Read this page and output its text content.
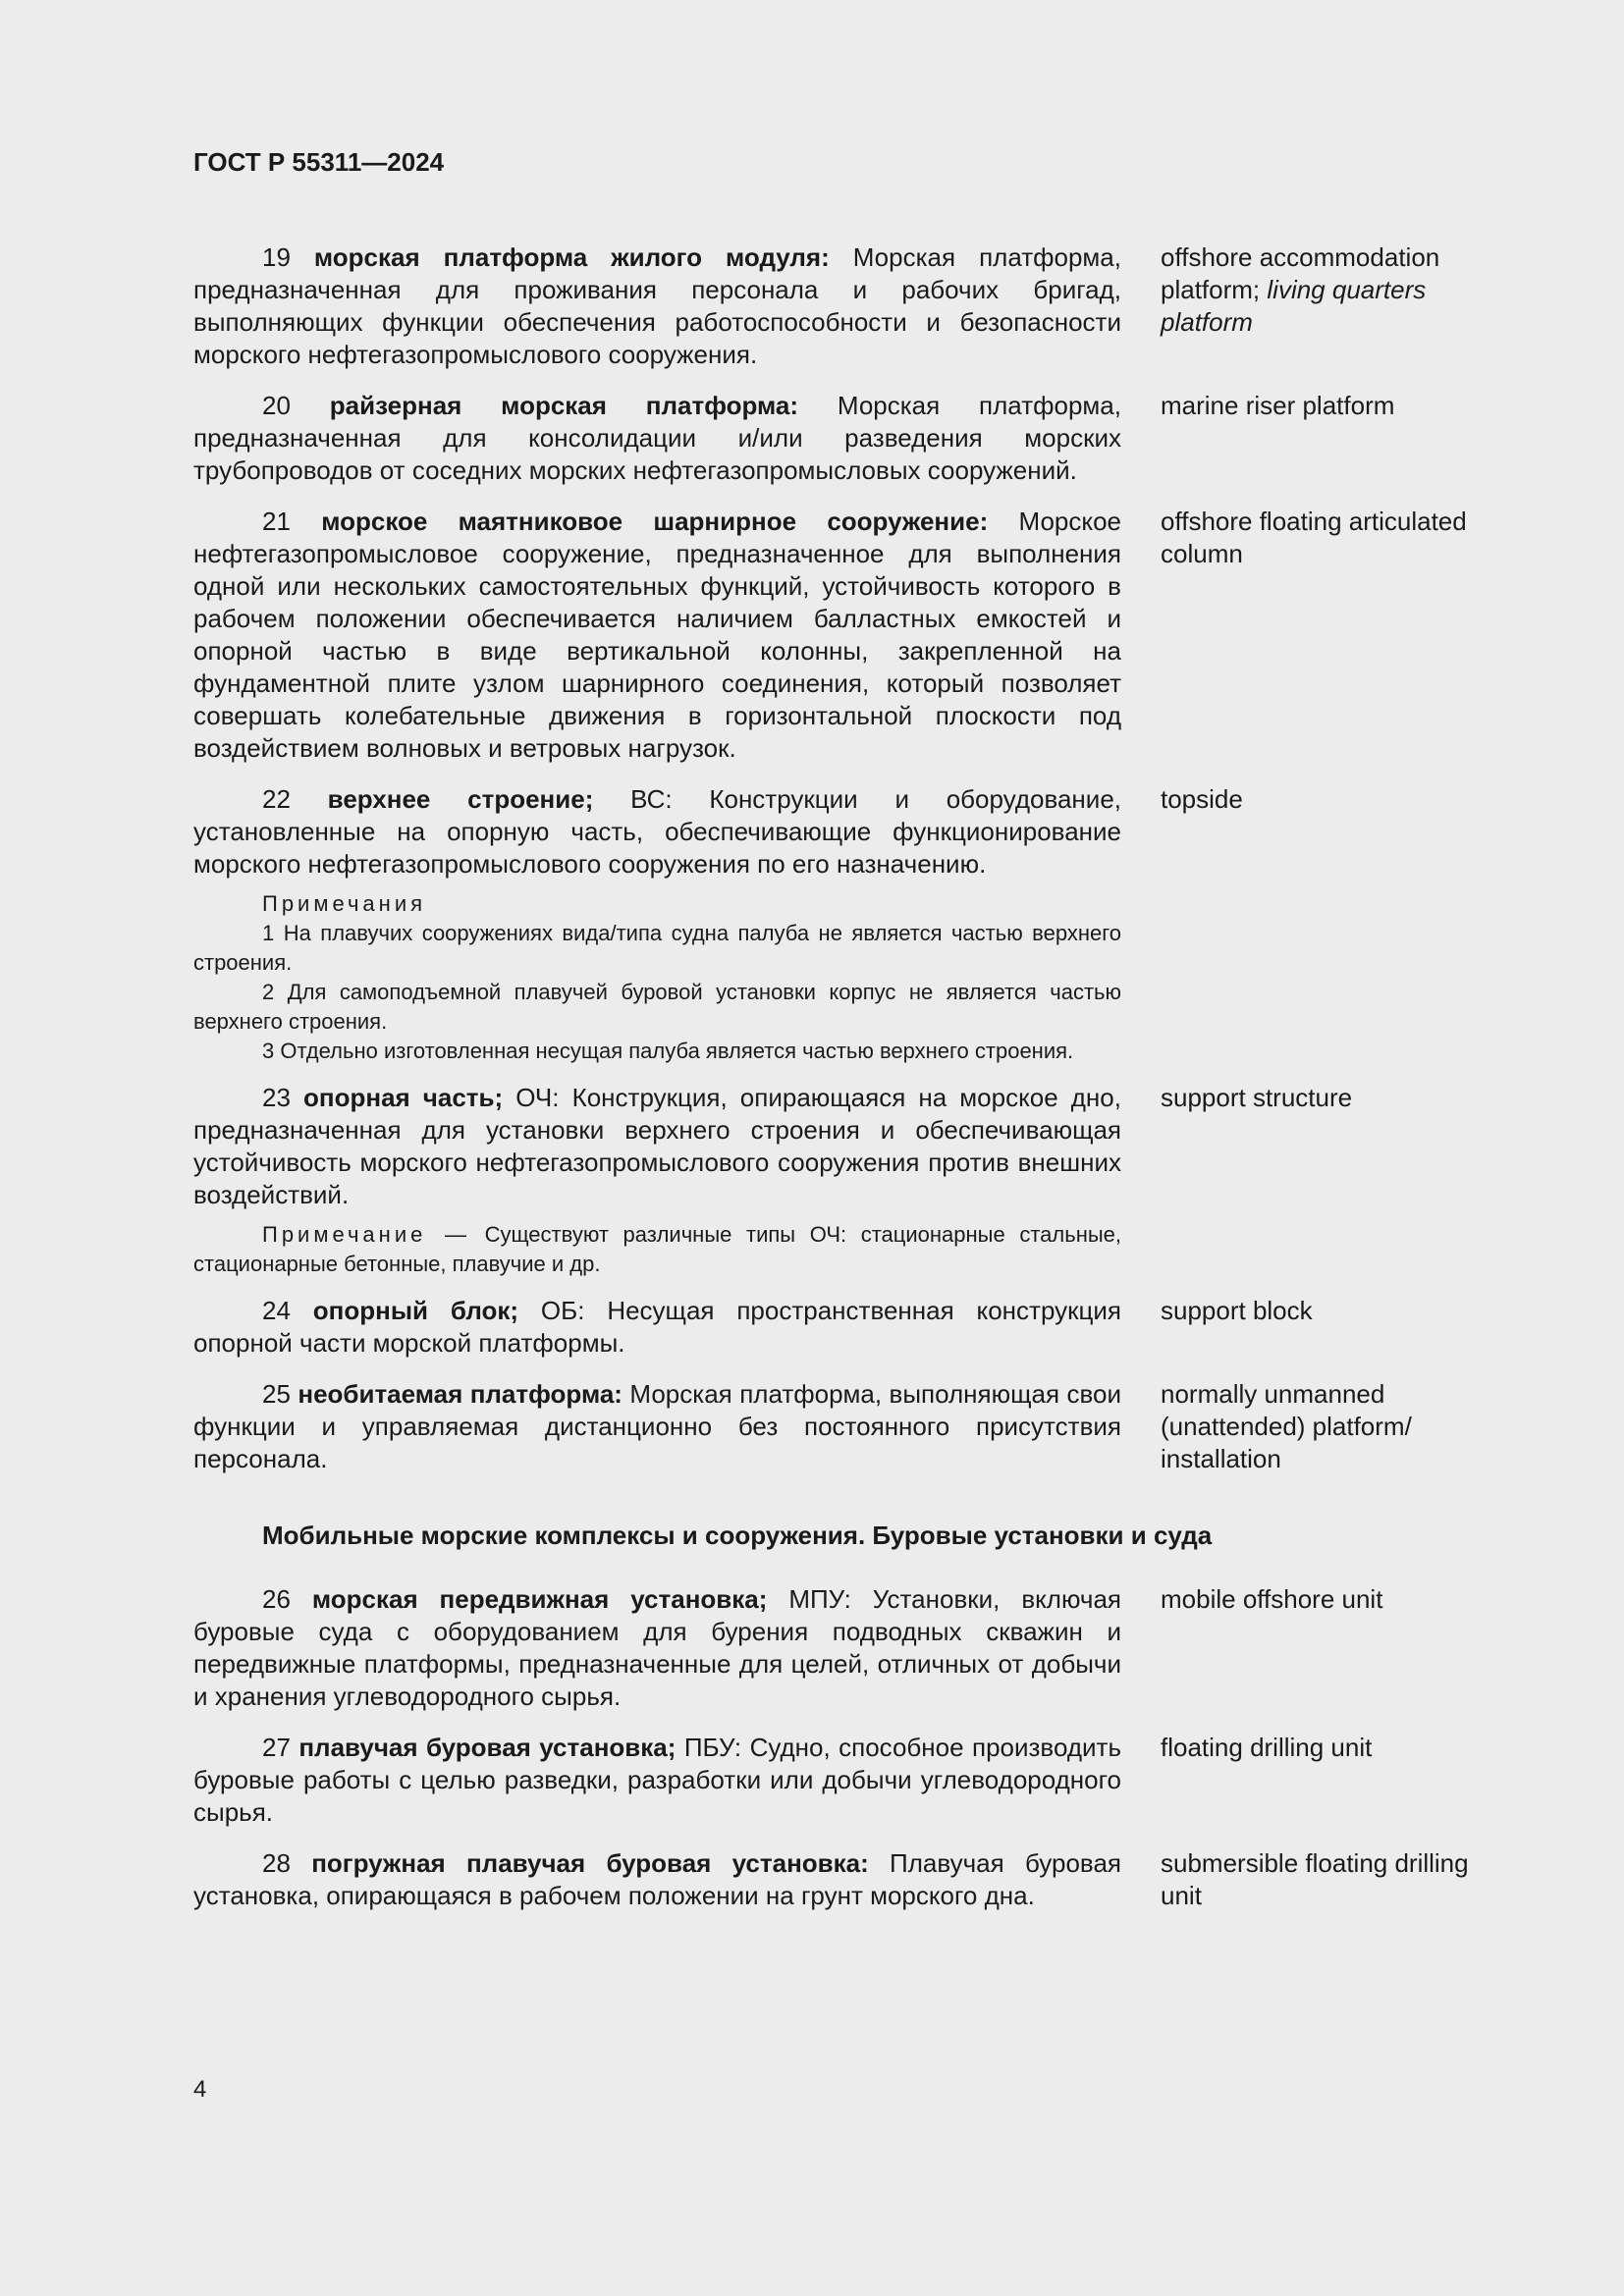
ГОСТ Р 55311—2024

19 морская платформа жилого модуля: Морская платформа, предназначенная для проживания персонала и рабочих бригад, выполняющих функции обеспечения работоспособности и безопасности морского нефтегазопромыслового сооружения.

offshore accommodation platform; living quarters platform

20 райзерная морская платформа: Морская платформа, предназначенная для консолидации и/или разведения морских трубопроводов от соседних морских нефтегазопромысловых сооружений.

marine riser platform

21 морское маятниковое шарнирное сооружение: Морское нефтегазопромысловое сооружение, предназначенное для выполнения одной или нескольких самостоятельных функций, устойчивость которого в рабочем положении обеспечивается наличием балластных емкостей и опорной частью в виде вертикальной колонны, закрепленной на фундаментной плите узлом шарнирного соединения, который позволяет совершать колебательные движения в горизонтальной плоскости под воздействием волновых и ветровых нагрузок.

offshore floating articulated column

22 верхнее строение; ВС: Конструкции и оборудование, установленные на опорную часть, обеспечивающие функционирование морского нефтегазопромыслового сооружения по его назначению.

topside

Примечания

1 На плавучих сооружениях вида/типа судна палуба не является частью верхнего строения.

2 Для самоподъемной плавучей буровой установки корпус не является частью верхнего строения.

3 Отдельно изготовленная несущая палуба является частью верхнего строения.

23 опорная часть; ОЧ: Конструкция, опирающаяся на морское дно, предназначенная для установки верхнего строения и обеспечивающая устойчивость морского нефтегазопромыслового сооружения против внешних воздействий.

support structure

Примечание — Существуют различные типы ОЧ: стационарные стальные, стационарные бетонные, плавучие и др.

24 опорный блок; ОБ: Несущая пространственная конструкция опорной части морской платформы.

support block

25 необитаемая платформа: Морская платформа, выполняющая свои функции и управляемая дистанционно без постоянного присутствия персонала.

normally unmanned (unattended) platform/ installation

Мобильные морские комплексы и сооружения. Буровые установки и суда

26 морская передвижная установка; МПУ: Установки, включая буровые суда с оборудованием для бурения подводных скважин и передвижные платформы, предназначенные для целей, отличных от добычи и хранения углеводородного сырья.

mobile offshore unit

27 плавучая буровая установка; ПБУ: Судно, способное производить буровые работы с целью разведки, разработки или добычи углеводородного сырья.

floating drilling unit

28 погружная плавучая буровая установка: Плавучая буровая установка, опирающаяся в рабочем положении на грунт морского дна.

submersible floating drilling unit

4
